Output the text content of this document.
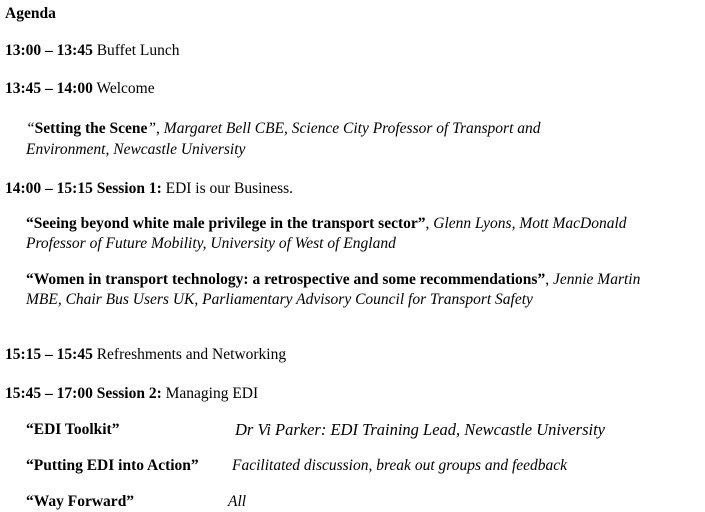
Agenda
13:00 – 13:45 Buffet Lunch
13:45 – 14:00 Welcome
“Setting the Scene”, Margaret Bell CBE, Science City Professor of Transport and
Environment, Newcastle University
14:00 – 15:15 Session 1: EDI is our Business.
“Seeing beyond white male privilege in the transport sector”, Glenn Lyons, Mott MacDonald
Professor of Future Mobility, University of West of England
“Women in transport technology: a retrospective and some recommendations”, Jennie Martin
MBE, Chair Bus Users UK, Parliamentary Advisory Council for Transport Safety
15:15 – 15:45 Refreshments and Networking
15:45 – 17:00 Session 2: Managing EDI
“EDI Toolkit”	Dr Vi Parker: EDI Training Lead, Newcastle University
“Putting EDI into Action” Facilitated discussion, break out groups and feedback
“Way Forward”	All
